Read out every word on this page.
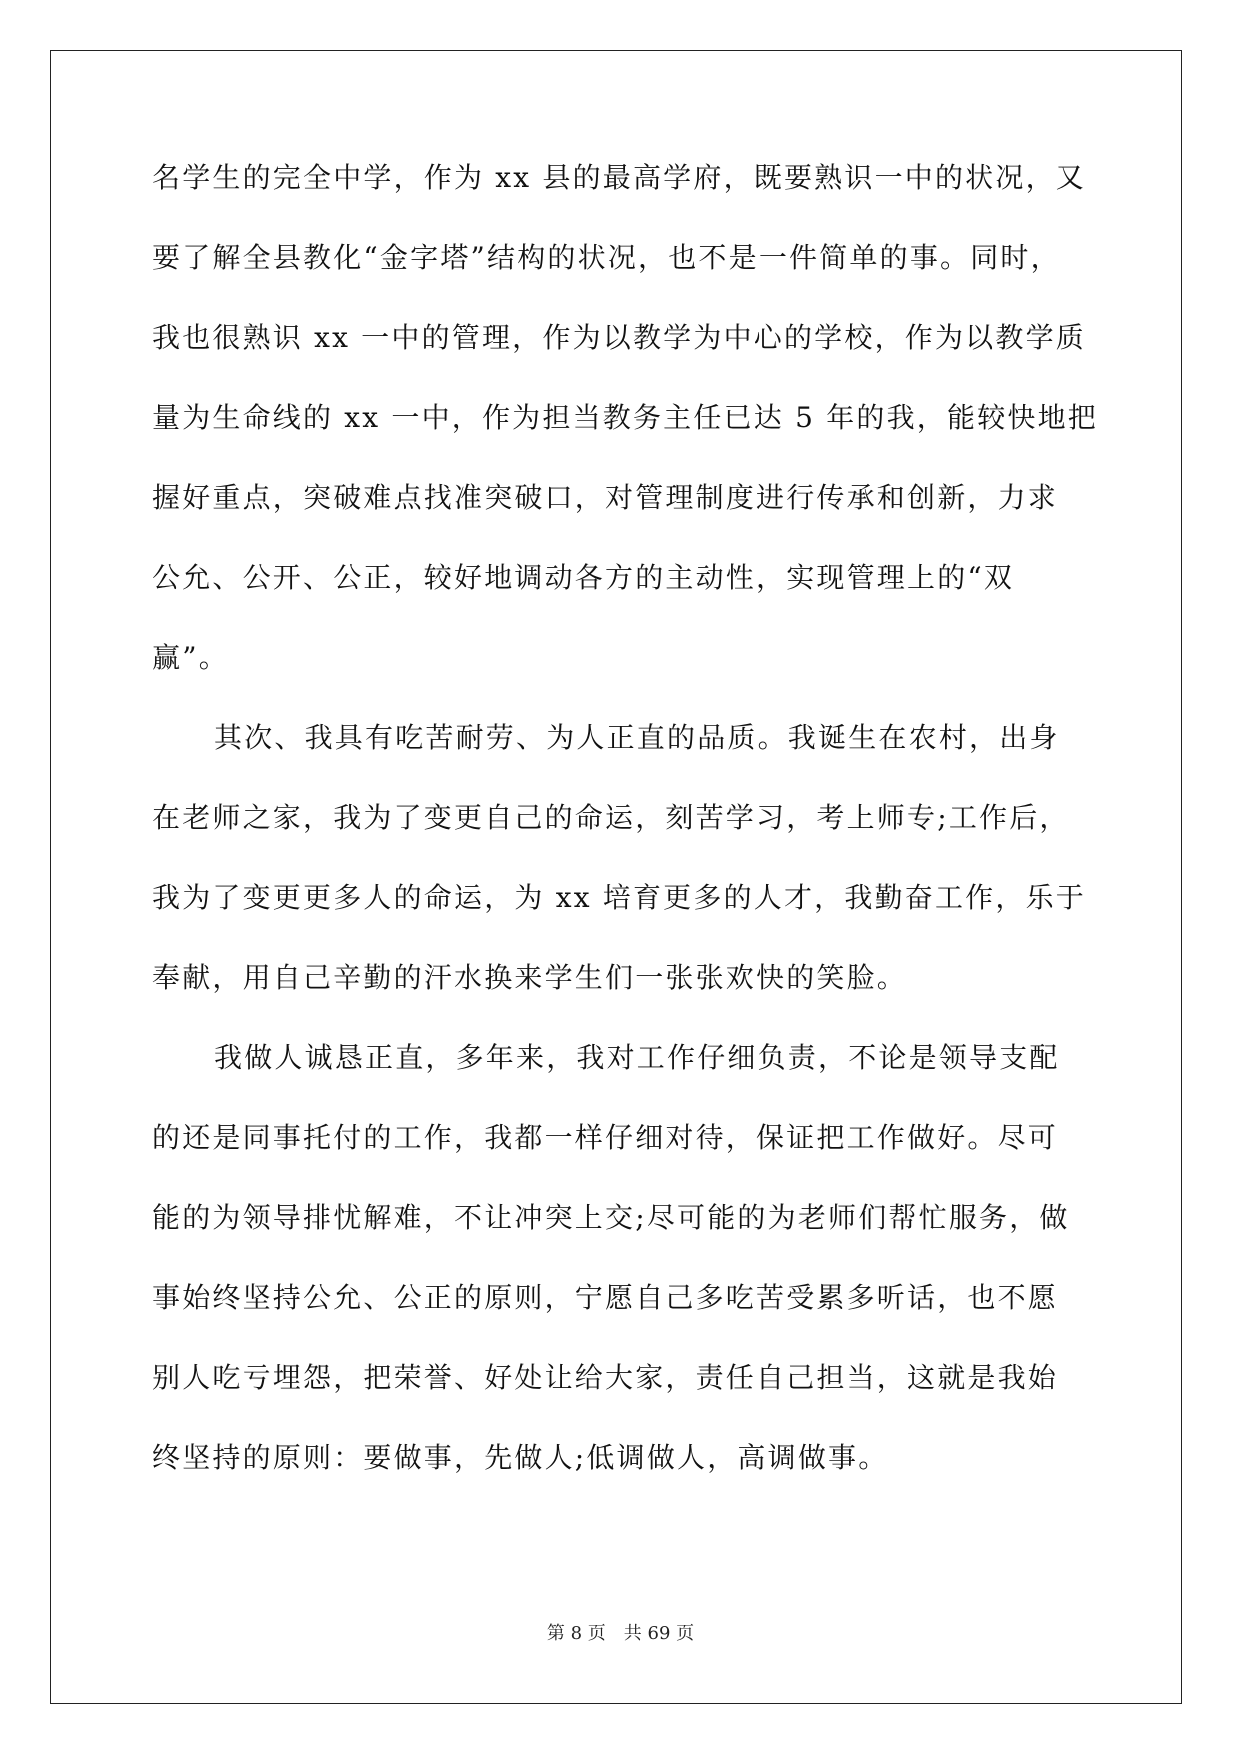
名学生的完全中学，作为 xx 县的最高学府，既要熟识一中的状况，又
要了解全县教化“金字塔”结构的状况，也不是一件简单的事。同时，
我也很熟识 xx 一中的管理，作为以教学为中心的学校，作为以教学质
量为生命线的 xx 一中，作为担当教务主任已达 5 年的我，能较快地把
握好重点，突破难点找准突破口，对管理制度进行传承和创新，力求
公允、公开、公正，较好地调动各方的主动性，实现管理上的“双
赢”。
其次、我具有吃苦耐劳、为人正直的品质。我诞生在农村，出身
在老师之家，我为了变更自己的命运，刻苦学习，考上师专;工作后，
我为了变更更多人的命运，为 xx 培育更多的人才，我勤奋工作，乐于
奉献，用自己辛勤的汗水换来学生们一张张欢快的笑脸。
我做人诚恳正直，多年来，我对工作仔细负责，不论是领导支配
的还是同事托付的工作，我都一样仔细对待，保证把工作做好。尽可
能的为领导排忧解难，不让冲突上交;尽可能的为老师们帮忙服务，做
事始终坚持公允、公正的原则，宁愿自己多吃苦受累多听话，也不愿
别人吃亏埋怨，把荣誉、好处让给大家，责任自己担当，这就是我始
终坚持的原则：要做事，先做人;低调做人，高调做事。
第 8 页 共 69 页
